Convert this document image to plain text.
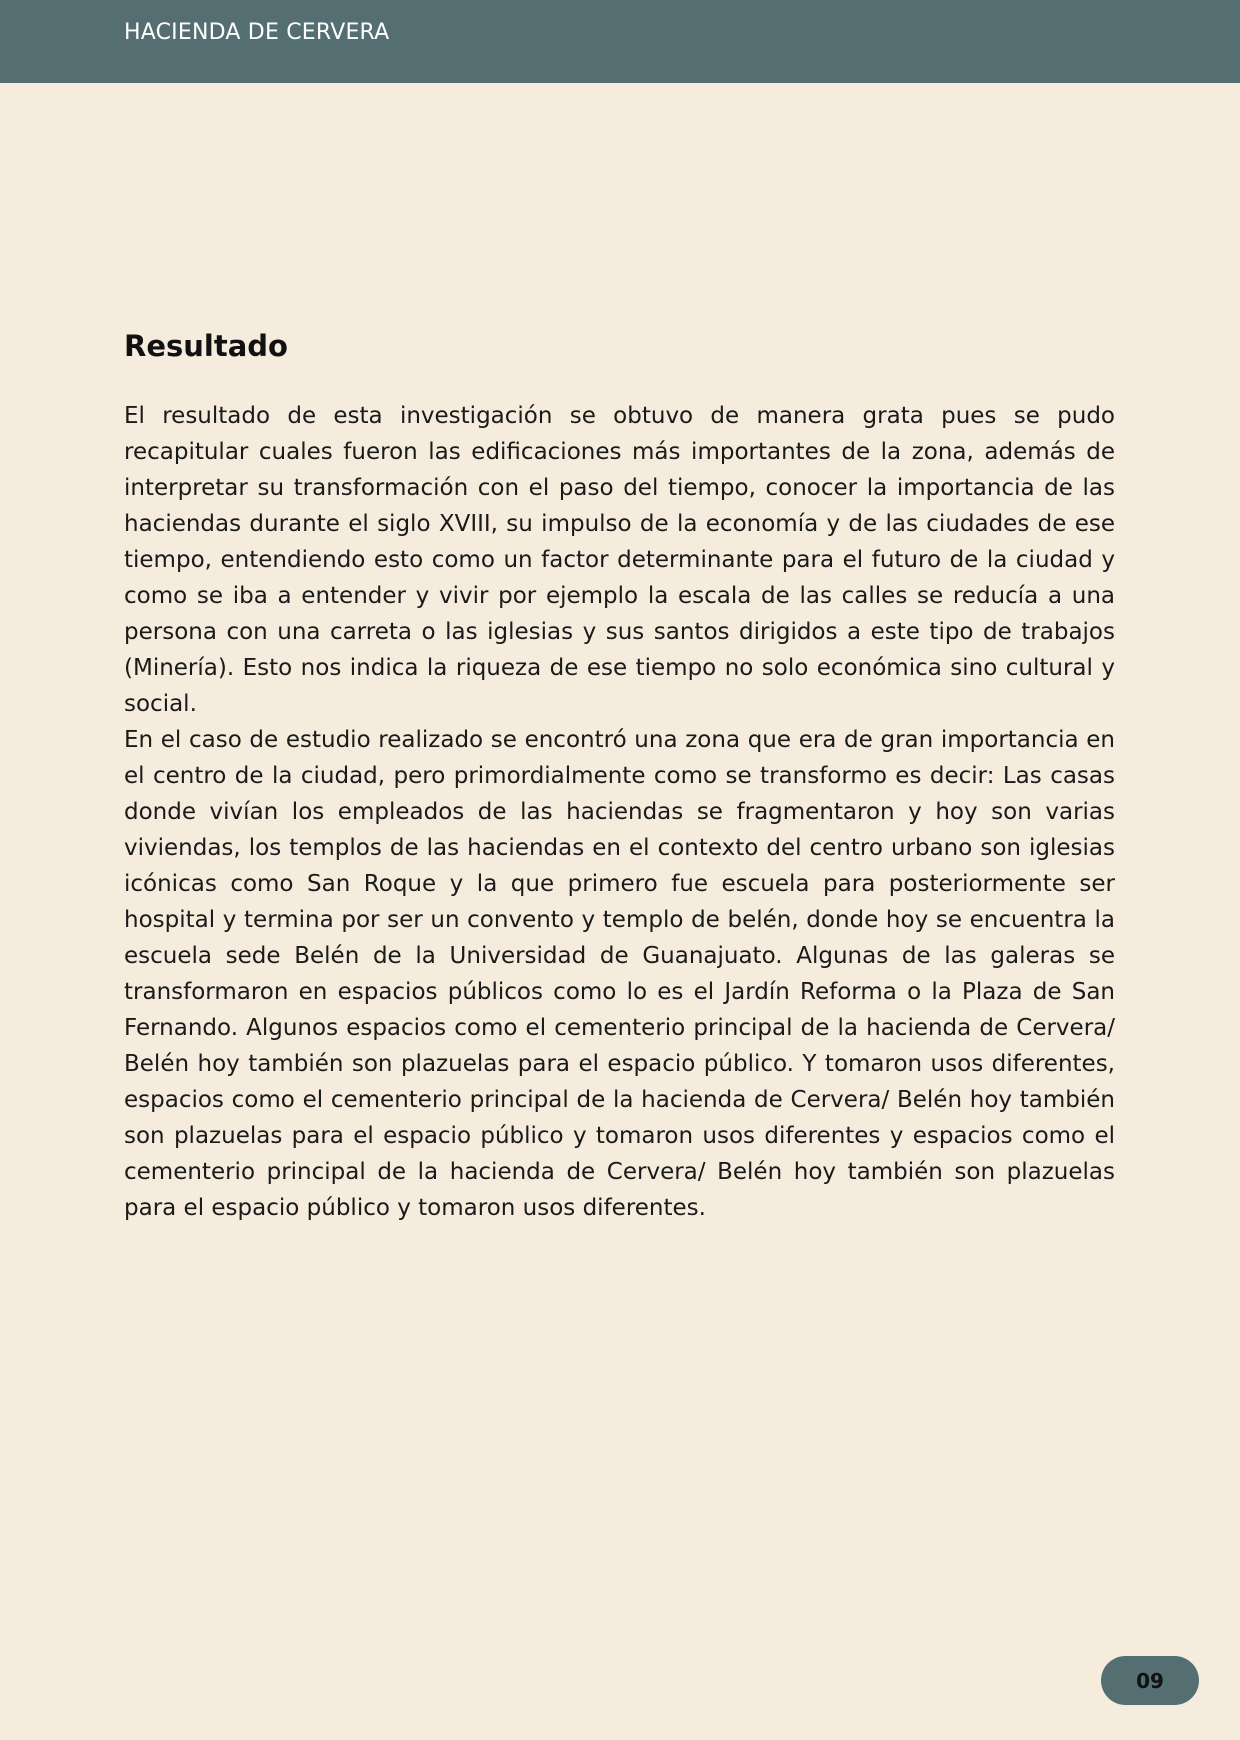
HACIENDA DE CERVERA
Resultado

El resultado de esta investigación se obtuvo de manera grata pues se pudo recapitular cuales fueron las edificaciones más importantes de la zona, además de interpretar su transformación con el paso del tiempo, conocer la importancia de las haciendas durante el siglo XVIII, su impulso de la economía y de las ciudades de ese tiempo, entendiendo esto como un factor determinante para el futuro de la ciudad y como se iba a entender y vivir por ejemplo la escala de las calles se reducía a una persona con una carreta o las iglesias y sus santos dirigidos a este tipo de trabajos (Minería). Esto nos indica la riqueza de ese tiempo no solo económica sino cultural y social.

En el caso de estudio realizado se encontró una zona que era de gran importancia en el centro de la ciudad, pero primordialmente como se transformo es decir: Las casas donde vivían los empleados de las haciendas se fragmentaron y hoy son varias viviendas, los templos de las haciendas en el contexto del centro urbano son iglesias icónicas como San Roque y la que primero fue escuela para posteriormente ser hospital y termina por ser un convento y templo de belén, donde hoy se encuentra la escuela sede Belén de la Universidad de Guanajuato. Algunas de las galeras se transformaron en espacios públicos como lo es el Jardín Reforma o la Plaza de San Fernando. Algunos espacios como el cementerio principal de la hacienda de Cervera/ Belén hoy también son plazuelas para el espacio público. Y tomaron usos diferentes, espacios como el cementerio principal de la hacienda de Cervera/ Belén hoy también son plazuelas para el espacio público y tomaron usos diferentes y espacios como el cementerio principal de la hacienda de Cervera/ Belén hoy también son plazuelas para el espacio público y tomaron usos diferentes.

09
